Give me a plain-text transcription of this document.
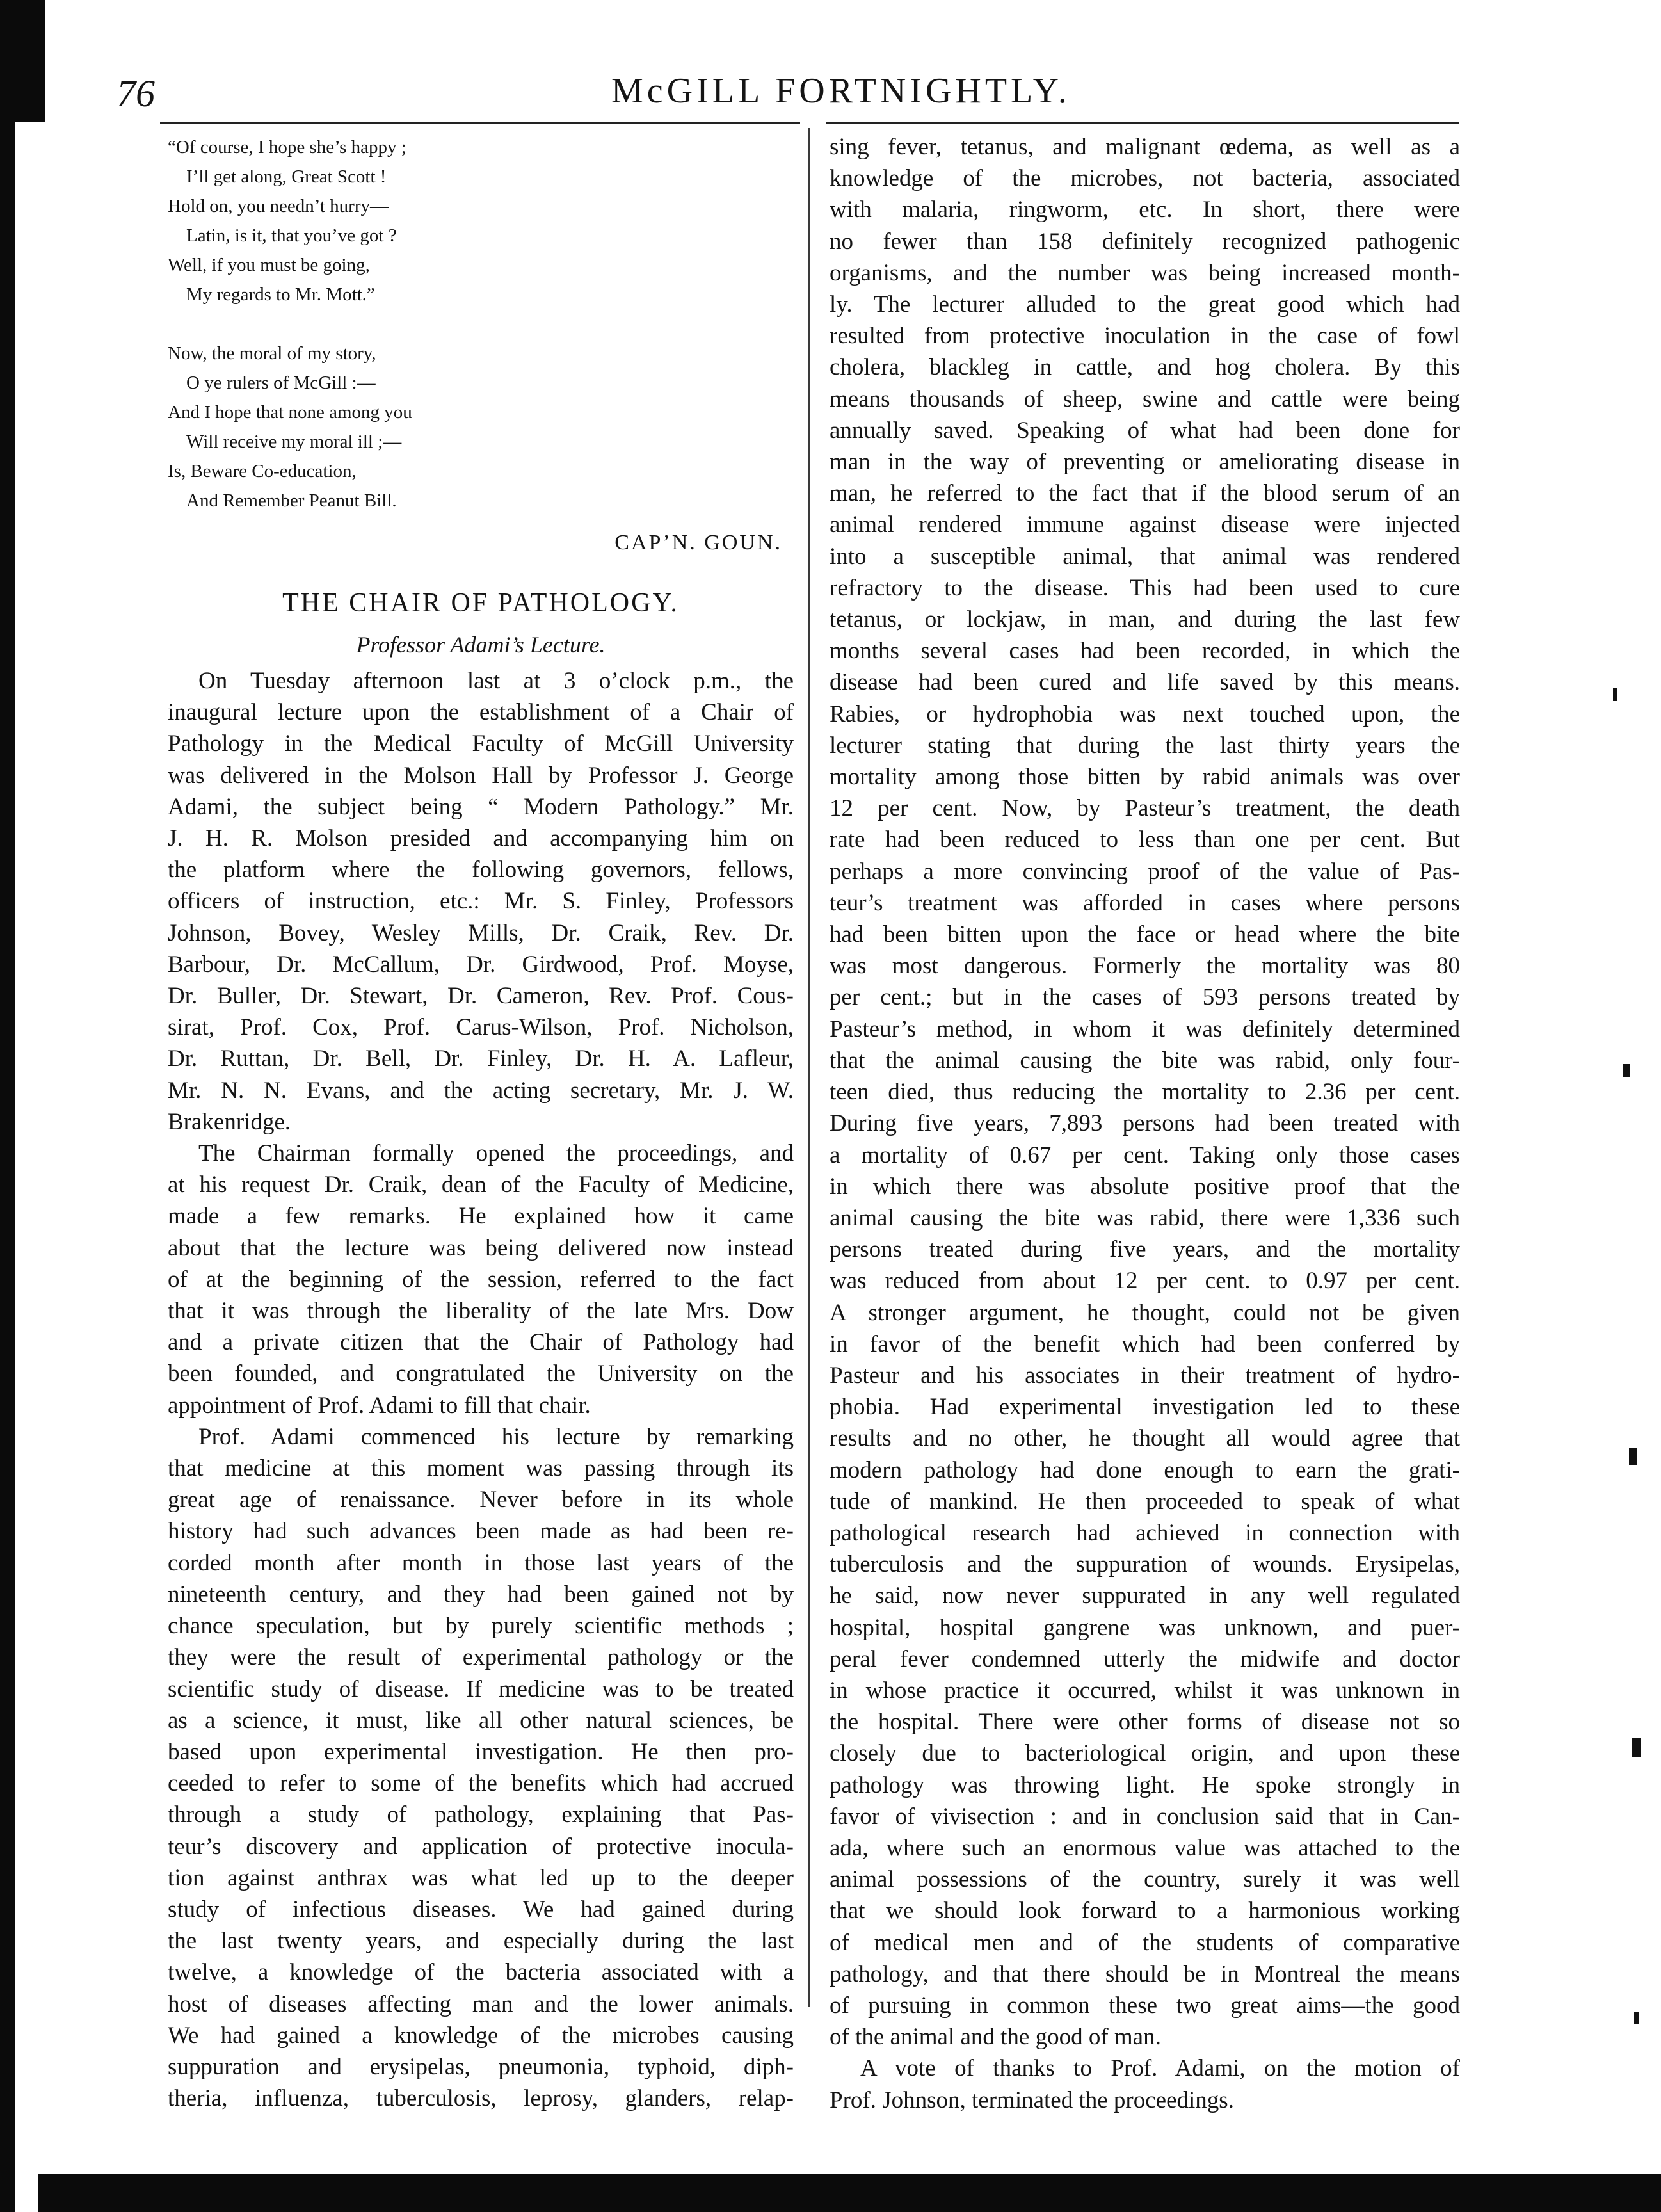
76	McGILL FORTNIGHTLY.
“Of course, I hope she’s happy ;
 I’ll get along, Great Scott !
Hold on, you needn’t hurry—
 Latin, is it, that you’ve got ?
Well, if you must be going,
 My regards to Mr. Mott.”
Now, the moral of my story,
 O ye rulers of McGill :—
And I hope that none among you
 Will receive my moral ill ;—
Is, Beware Co-education,
 And Remember Peanut Bill.
CAP’N. GOUN.
THE CHAIR OF PATHOLOGY.
Professor Adami’s Lecture.
On Tuesday afternoon last at 3 o’clock p.m., the
inaugural lecture upon the establishment of a Chair of
Pathology in the Medical Faculty of McGill University
was delivered in the Molson Hall by Professor J. George
Adami, the subject being “ Modern Pathology.” Mr.
J. H. R. Molson presided and accompanying him on
the platform where the following governors, fellows,
officers of instruction, etc.: Mr. S. Finley, Professors
Johnson, Bovey, Wesley Mills, Dr. Craik, Rev. Dr.
Barbour, Dr. McCallum, Dr. Girdwood, Prof. Moyse,
Dr. Buller, Dr. Stewart, Dr. Cameron, Rev. Prof. Cous-
sirat, Prof. Cox, Prof. Carus-Wilson, Prof. Nicholson,
Dr. Ruttan, Dr. Bell, Dr. Finley, Dr. H. A. Lafleur,
Mr. N. N. Evans, and the acting secretary, Mr. J. W.
Brakenridge.
The Chairman formally opened the proceedings, and
at his request Dr. Craik, dean of the Faculty of Medicine,
made a few remarks. He explained how it came
about that the lecture was being delivered now instead
of at the beginning of the session, referred to the fact
that it was through the liberality of the late Mrs. Dow
and a private citizen that the Chair of Pathology had
been founded, and congratulated the University on the
appointment of Prof. Adami to fill that chair.
Prof. Adami commenced his lecture by remarking
that medicine at this moment was passing through its
great age of renaissance. Never before in its whole
history had such advances been made as had been re-
corded month after month in those last years of the
nineteenth century, and they had been gained not by
chance speculation, but by purely scientific methods ;
they were the result of experimental pathology or the
scientific study of disease. If medicine was to be treated
as a science, it must, like all other natural sciences, be
based upon experimental investigation. He then pro-
ceeded to refer to some of the benefits which had accrued
through a study of pathology, explaining that Pas-
teur’s discovery and application of protective inocula-
tion against anthrax was what led up to the deeper
study of infectious diseases. We had gained during
the last twenty years, and especially during the last
twelve, a knowledge of the bacteria associated with a
host of diseases affecting man and the lower animals.
We had gained a knowledge of the microbes causing
suppuration and erysipelas, pneumonia, typhoid, diph-
theria, influenza, tuberculosis, leprosy, glanders, relap-
sing fever, tetanus, and malignant œdema, as well as a
knowledge of the microbes, not bacteria, associated
with malaria, ringworm, etc. In short, there were
no fewer than 158 definitely recognized pathogenic
organisms, and the number was being increased month-
ly. The lecturer alluded to the great good which had
resulted from protective inoculation in the case of fowl
cholera, blackleg in cattle, and hog cholera. By this
means thousands of sheep, swine and cattle were being
annually saved. Speaking of what had been done for
man in the way of preventing or ameliorating disease in
man, he referred to the fact that if the blood serum of an
animal rendered immune against disease were injected
into a susceptible animal, that animal was rendered
refractory to the disease. This had been used to cure
tetanus, or lockjaw, in man, and during the last few
months several cases had been recorded, in which the
disease had been cured and life saved by this means.
Rabies, or hydrophobia was next touched upon, the
lecturer stating that during the last thirty years the
mortality among those bitten by rabid animals was over
12 per cent. Now, by Pasteur’s treatment, the death
rate had been reduced to less than one per cent. But
perhaps a more convincing proof of the value of Pas-
teur’s treatment was afforded in cases where persons
had been bitten upon the face or head where the bite
was most dangerous. Formerly the mortality was 80
per cent.; but in the cases of 593 persons treated by
Pasteur’s method, in whom it was definitely determined
that the animal causing the bite was rabid, only four-
teen died, thus reducing the mortality to 2.36 per cent.
During five years, 7,893 persons had been treated with
a mortality of 0.67 per cent. Taking only those cases
in which there was absolute positive proof that the
animal causing the bite was rabid, there were 1,336 such
persons treated during five years, and the mortality
was reduced from about 12 per cent. to 0.97 per cent.
A stronger argument, he thought, could not be given
in favor of the benefit which had been conferred by
Pasteur and his associates in their treatment of hydro-
phobia. Had experimental investigation led to these
results and no other, he thought all would agree that
modern pathology had done enough to earn the grati-
tude of mankind. He then proceeded to speak of what
pathological research had achieved in connection with
tuberculosis and the suppuration of wounds. Erysipelas,
he said, now never suppurated in any well regulated
hospital, hospital gangrene was unknown, and puer-
peral fever condemned utterly the midwife and doctor
in whose practice it occurred, whilst it was unknown in
the hospital. There were other forms of disease not so
closely due to bacteriological origin, and upon these
pathology was throwing light. He spoke strongly in
favor of vivisection : and in conclusion said that in Can-
ada, where such an enormous value was attached to the
animal possessions of the country, surely it was well
that we should look forward to a harmonious working
of medical men and of the students of comparative
pathology, and that there should be in Montreal the means
of pursuing in common these two great aims—the good
of the animal and the good of man.
A vote of thanks to Prof. Adami, on the motion of
Prof. Johnson, terminated the proceedings.
